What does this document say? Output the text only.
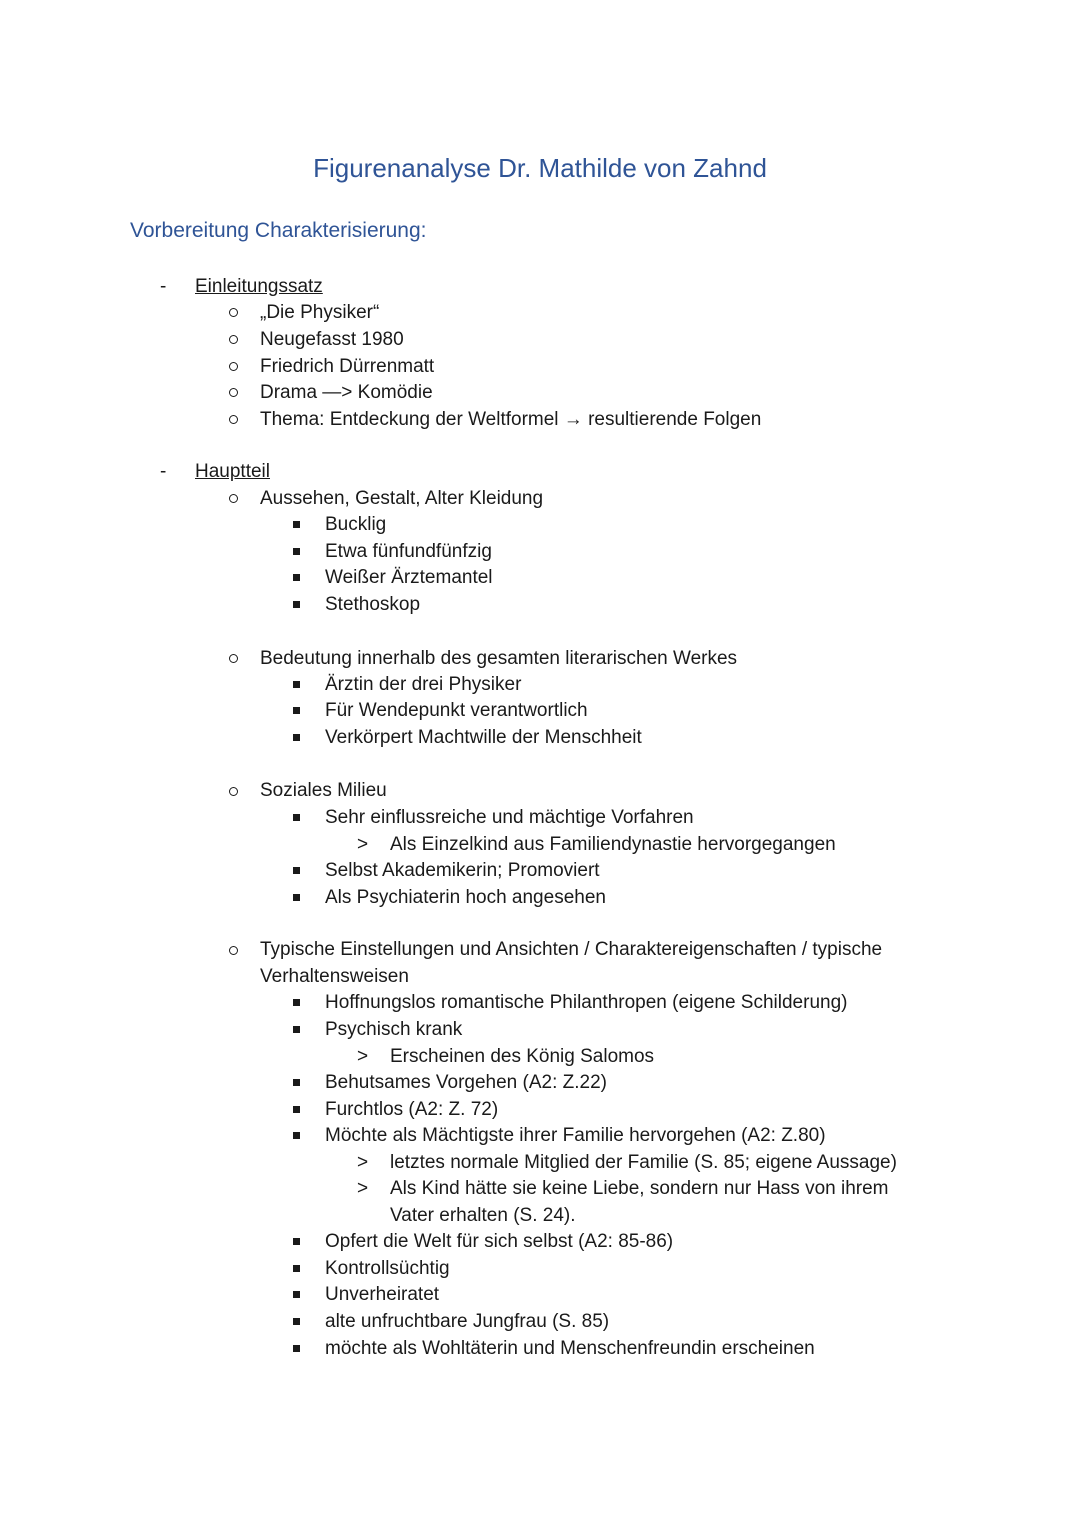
Figurenanalyse Dr. Mathilde von Zahnd
Vorbereitung Charakterisierung:
- Einleitungssatz
„Die Physiker“
Neugefasst 1980
Friedrich Dürrenmatt
Drama —> Komödie
Thema: Entdeckung der Weltformel → resultierende Folgen
- Hauptteil
Aussehen, Gestalt, Alter Kleidung
Bucklig
Etwa fünfundfünfzig
Weißer Ärztemantel
Stethoskop
Bedeutung innerhalb des gesamten literarischen Werkes
Ärztin der drei Physiker
Für Wendepunkt verantwortlich
Verkörpert Machtwille der Menschheit
Soziales Milieu
Sehr einflussreiche und mächtige Vorfahren
> Als Einzelkind aus Familiendynastie hervorgegangen
Selbst Akademikerin; Promoviert
Als Psychiaterin hoch angesehen
Typische Einstellungen und Ansichten / Charaktereigenschaften / typische
Verhaltensweisen
Hoffnungslos romantische Philanthropen (eigene Schilderung)
Psychisch krank
> Erscheinen des König Salomos
Behutsames Vorgehen (A2: Z.22)
Furchtlos (A2: Z. 72)
Möchte als Mächtigste ihrer Familie hervorgehen (A2: Z.80)
> letztes normale Mitglied der Familie (S. 85; eigene Aussage)
> Als Kind hätte sie keine Liebe, sondern nur Hass von ihrem
Vater erhalten (S. 24).
Opfert die Welt für sich selbst (A2: 85-86)
Kontrollsüchtig
Unverheiratet
alte unfruchtbare Jungfrau (S. 85)
möchte als Wohltäterin und Menschenfreundin erscheinen
